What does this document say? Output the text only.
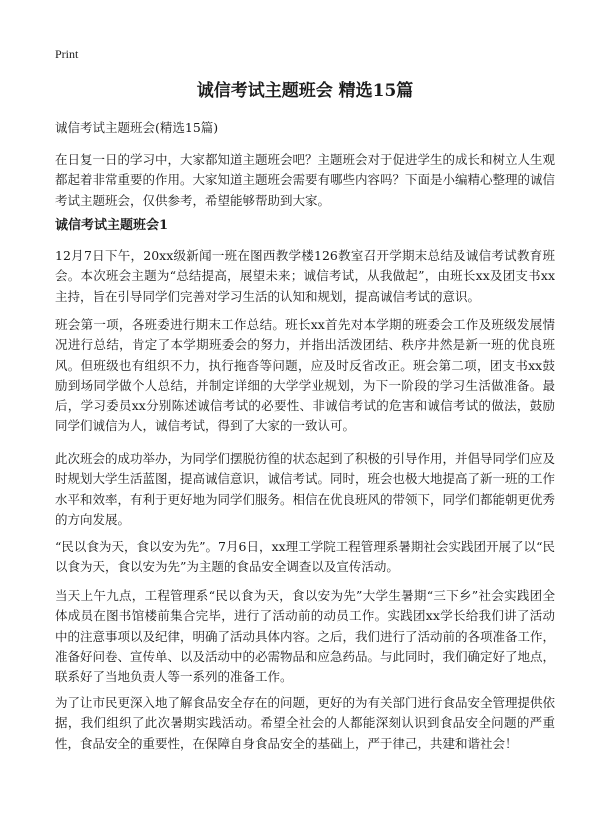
Print
诚信考试主题班会 精选15篇

诚信考试主题班会(精选15篇)

在日复一日的学习中，大家都知道主题班会吧？主题班会对于促进学生的成长和树立人生观都起着非常重要的作用。大家知道主题班会需要有哪些内容吗？下面是小编精心整理的诚信考试主题班会，仅供参考，希望能够帮助到大家。

诚信考试主题班会1

12月7日下午，20xx级新闻一班在图西教学楼126教室召开学期末总结及诚信考试教育班会。本次班会主题为“总结提高，展望未来；诚信考试，从我做起”，由班长xx及团支书xx主持，旨在引导同学们完善对学习生活的认知和规划，提高诚信考试的意识。

班会第一项，各班委进行期末工作总结。班长xx首先对本学期的班委会工作及班级发展情况进行总结，肯定了本学期班委会的努力，并指出活泼团结、秩序井然是新一班的优良班风。但班级也有组织不力，执行拖沓等问题，应及时反省改正。班会第二项，团支书xx鼓励到场同学做个人总结，并制定详细的大学学业规划，为下一阶段的学习生活做准备。最后，学习委员xx分别陈述诚信考试的必要性、非诚信考试的危害和诚信考试的做法，鼓励同学们诚信为人，诚信考试，得到了大家的一致认可。

此次班会的成功举办，为同学们摆脱彷徨的状态起到了积极的引导作用，并倡导同学们应及时规划大学生活蓝图，提高诚信意识，诚信考试。同时，班会也极大地提高了新一班的工作水平和效率，有利于更好地为同学们服务。相信在优良班风的带领下，同学们都能朝更优秀的方向发展。

“民以食为天，食以安为先”。7月6日，xx理工学院工程管理系暑期社会实践团开展了以“民以食为天，食以安为先”为主题的食品安全调查以及宣传活动。

当天上午九点，工程管理系“民以食为天，食以安为先”大学生暑期“三下乡”社会实践团全体成员在图书馆楼前集合完毕，进行了活动前的动员工作。实践团xx学长给我们讲了活动中的注意事项以及纪律，明确了活动具体内容。之后，我们进行了活动前的各项准备工作，准备好问卷、宣传单、以及活动中的必需物品和应急药品。与此同时，我们确定好了地点，联系好了当地负责人等一系列的准备工作。

为了让市民更深入地了解食品安全存在的问题，更好的为有关部门进行食品安全管理提供依据，我们组织了此次暑期实践活动。希望全社会的人都能深刻认识到食品安全问题的严重性，食品安全的重要性，在保障自身食品安全的基础上，严于律己，共建和谐社会！
